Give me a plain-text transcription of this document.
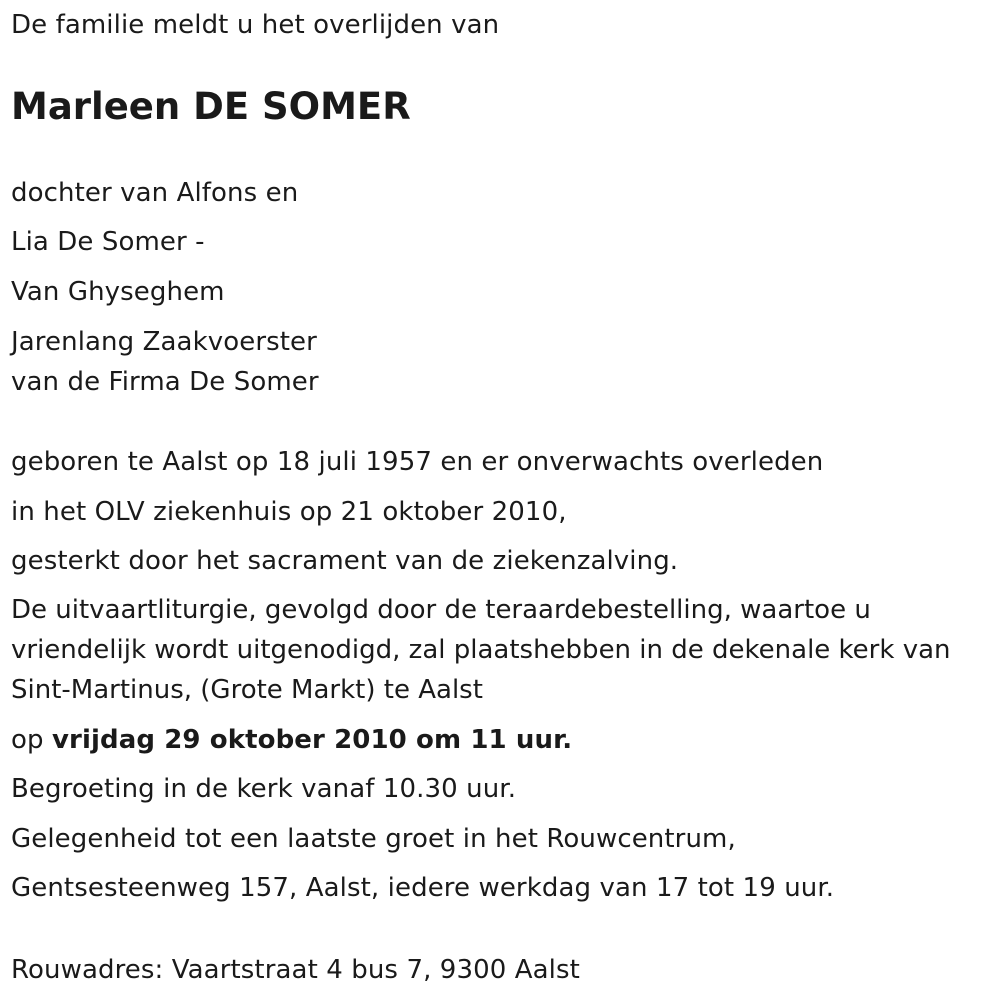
De familie meldt u het overlijden van
Marleen DE SOMER
dochter van Alfons en
Lia De Somer -
Van Ghyseghem
Jarenlang Zaakvoerster
van de Firma De Somer
geboren te Aalst op 18 juli 1957 en er onverwachts overleden
in het OLV ziekenhuis op 21 oktober 2010,
gesterkt door het sacrament van de ziekenzalving.
De uitvaartliturgie, gevolgd door de teraardebestelling, waartoe u vriendelijk wordt uitgenodigd, zal plaatshebben in de dekenale kerk van Sint-Martinus, (Grote Markt) te Aalst
op vrijdag 29 oktober 2010 om 11 uur.
Begroeting in de kerk vanaf 10.30 uur.
Gelegenheid tot een laatste groet in het Rouwcentrum,
Gentsesteenweg 157, Aalst, iedere werkdag van 17 tot 19 uur.
Rouwadres: Vaartstraat 4 bus 7, 9300 Aalst
